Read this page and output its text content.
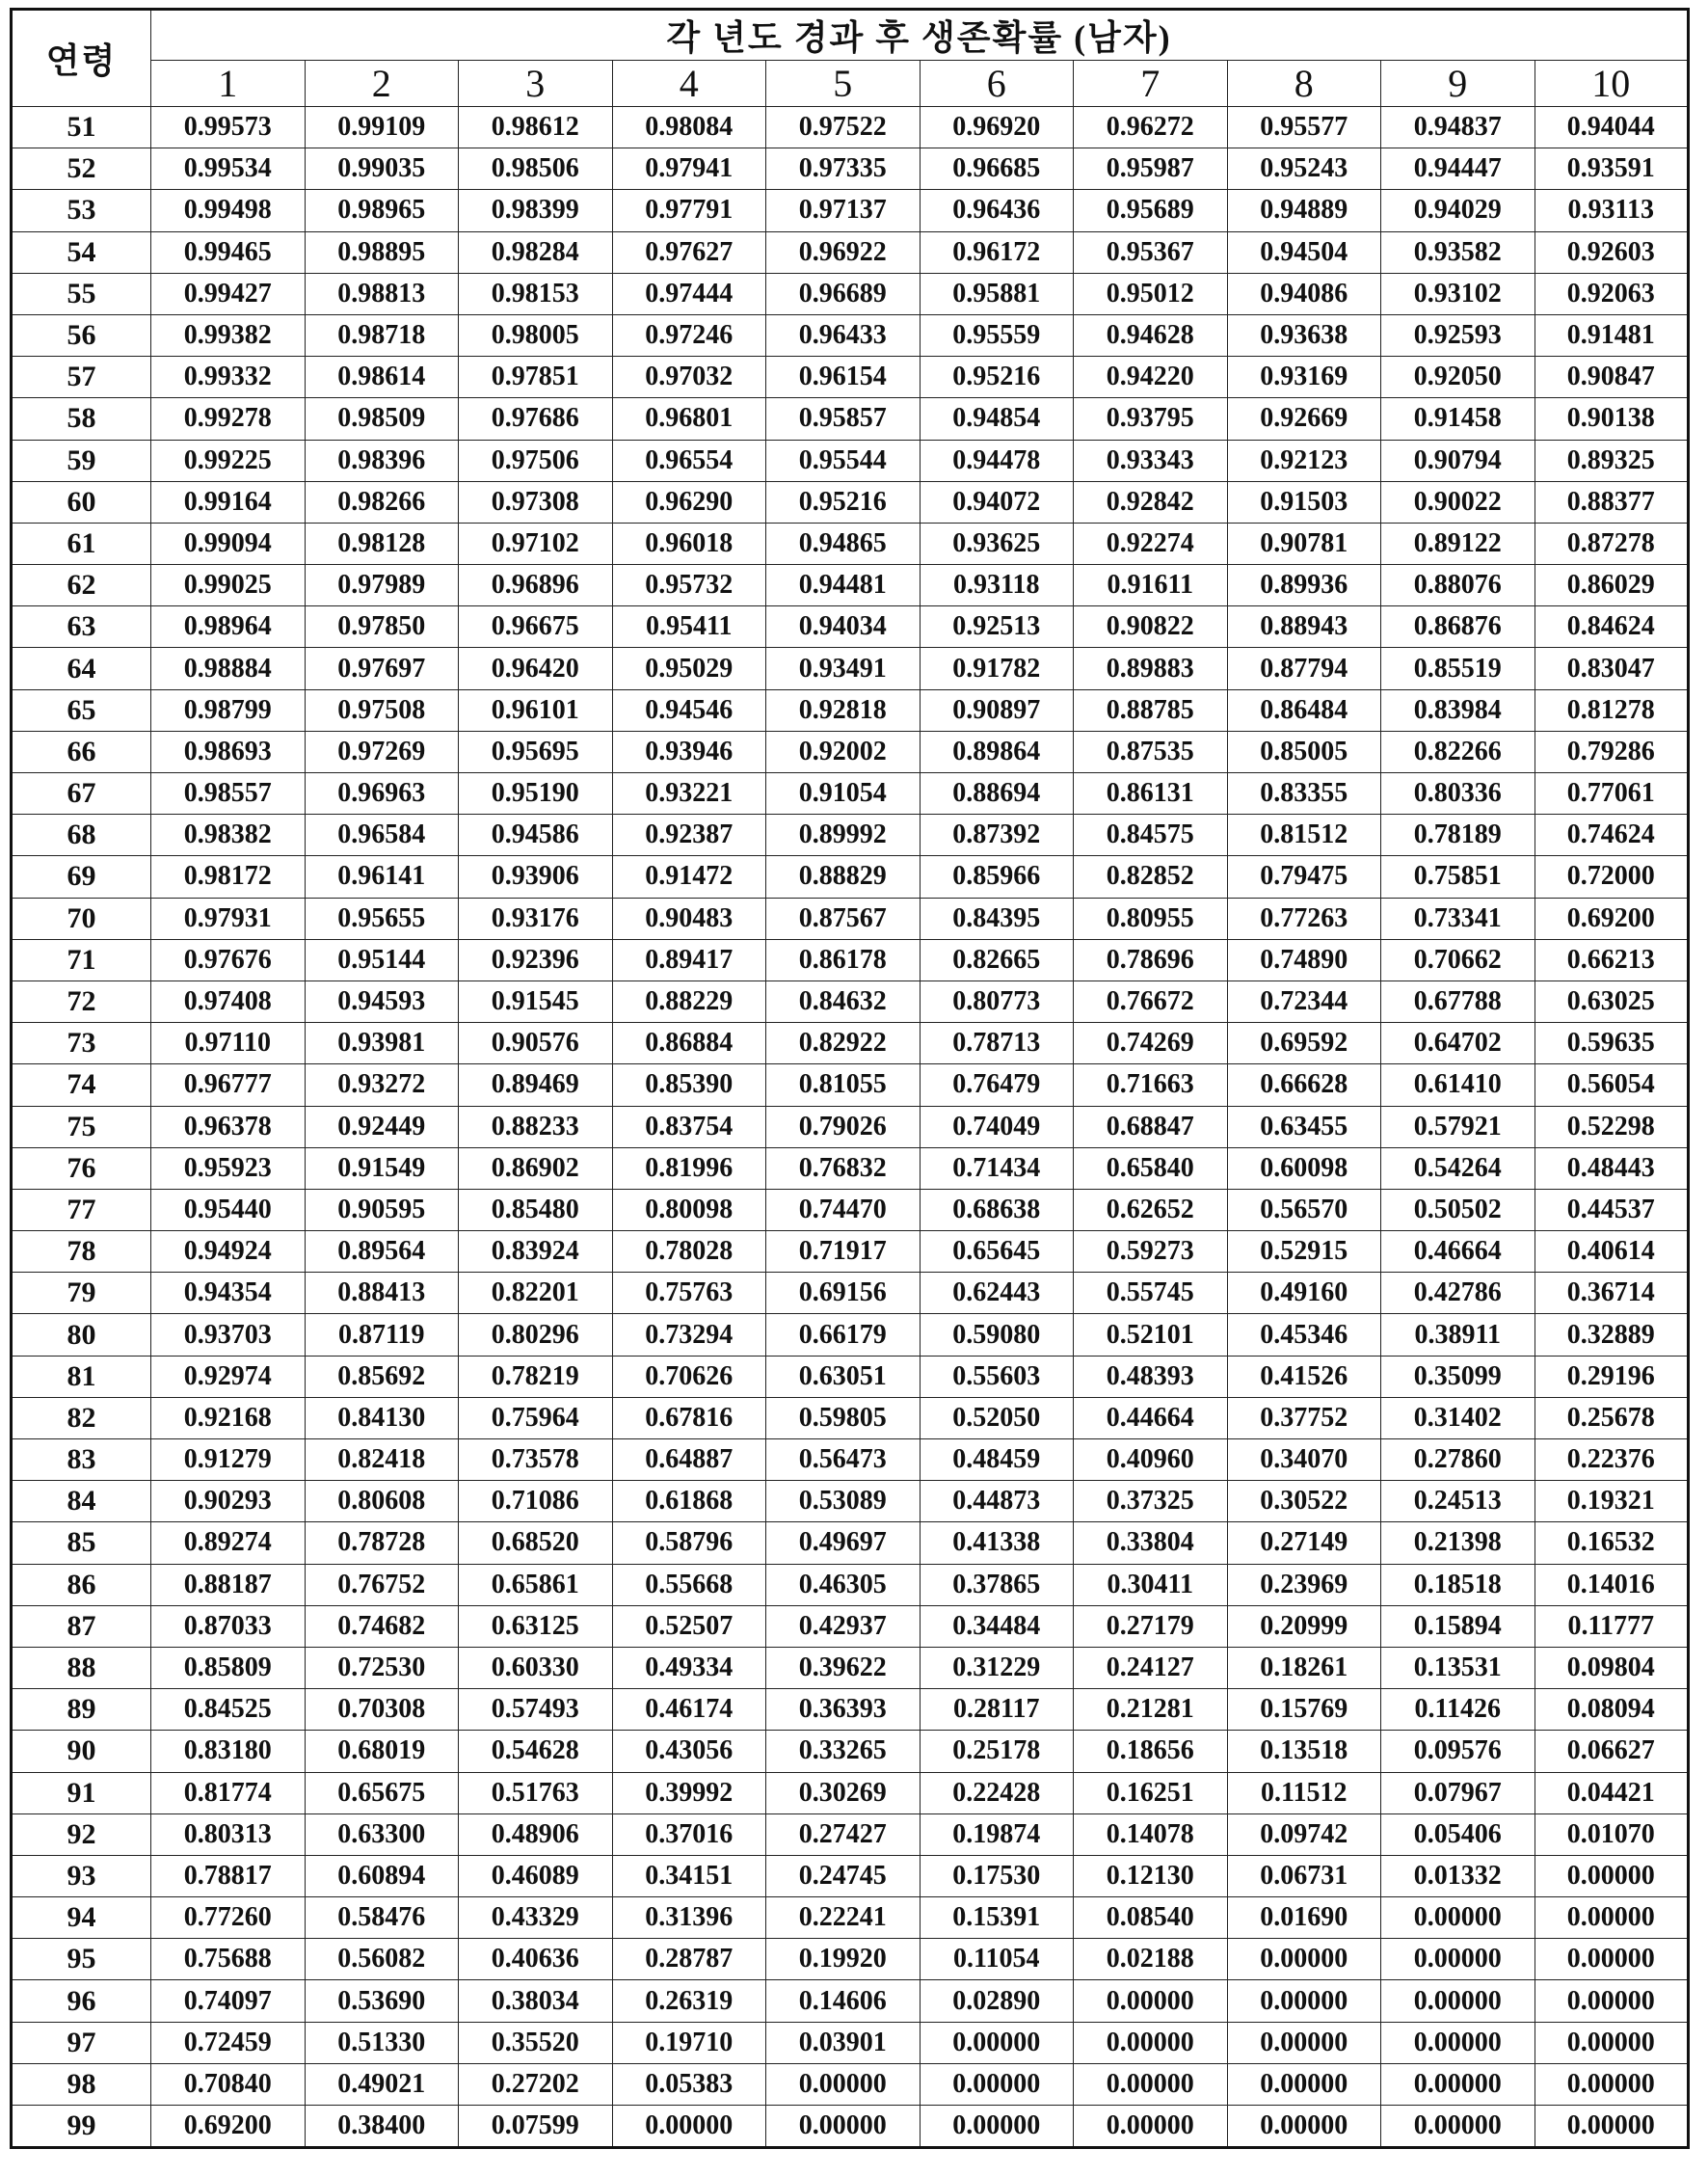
연령	각 년도 경과 후 생존확률 (남자)									
	1	2	3	4	5	6	7	8	9	10
51	0.99573	0.99109	0.98612	0.98084	0.97522	0.96920	0.96272	0.95577	0.94837	0.94044
52	0.99534	0.99035	0.98506	0.97941	0.97335	0.96685	0.95987	0.95243	0.94447	0.93591
53	0.99498	0.98965	0.98399	0.97791	0.97137	0.96436	0.95689	0.94889	0.94029	0.93113
54	0.99465	0.98895	0.98284	0.97627	0.96922	0.96172	0.95367	0.94504	0.93582	0.92603
55	0.99427	0.98813	0.98153	0.97444	0.96689	0.95881	0.95012	0.94086	0.93102	0.92063
56	0.99382	0.98718	0.98005	0.97246	0.96433	0.95559	0.94628	0.93638	0.92593	0.91481
57	0.99332	0.98614	0.97851	0.97032	0.96154	0.95216	0.94220	0.93169	0.92050	0.90847
58	0.99278	0.98509	0.97686	0.96801	0.95857	0.94854	0.93795	0.92669	0.91458	0.90138
59	0.99225	0.98396	0.97506	0.96554	0.95544	0.94478	0.93343	0.92123	0.90794	0.89325
60	0.99164	0.98266	0.97308	0.96290	0.95216	0.94072	0.92842	0.91503	0.90022	0.88377
61	0.99094	0.98128	0.97102	0.96018	0.94865	0.93625	0.92274	0.90781	0.89122	0.87278
62	0.99025	0.97989	0.96896	0.95732	0.94481	0.93118	0.91611	0.89936	0.88076	0.86029
63	0.98964	0.97850	0.96675	0.95411	0.94034	0.92513	0.90822	0.88943	0.86876	0.84624
64	0.98884	0.97697	0.96420	0.95029	0.93491	0.91782	0.89883	0.87794	0.85519	0.83047
65	0.98799	0.97508	0.96101	0.94546	0.92818	0.90897	0.88785	0.86484	0.83984	0.81278
66	0.98693	0.97269	0.95695	0.93946	0.92002	0.89864	0.87535	0.85005	0.82266	0.79286
67	0.98557	0.96963	0.95190	0.93221	0.91054	0.88694	0.86131	0.83355	0.80336	0.77061
68	0.98382	0.96584	0.94586	0.92387	0.89992	0.87392	0.84575	0.81512	0.78189	0.74624
69	0.98172	0.96141	0.93906	0.91472	0.88829	0.85966	0.82852	0.79475	0.75851	0.72000
70	0.97931	0.95655	0.93176	0.90483	0.87567	0.84395	0.80955	0.77263	0.73341	0.69200
71	0.97676	0.95144	0.92396	0.89417	0.86178	0.82665	0.78696	0.74890	0.70662	0.66213
72	0.97408	0.94593	0.91545	0.88229	0.84632	0.80773	0.76672	0.72344	0.67788	0.63025
73	0.97110	0.93981	0.90576	0.86884	0.82922	0.78713	0.74269	0.69592	0.64702	0.59635
74	0.96777	0.93272	0.89469	0.85390	0.81055	0.76479	0.71663	0.66628	0.61410	0.56054
75	0.96378	0.92449	0.88233	0.83754	0.79026	0.74049	0.68847	0.63455	0.57921	0.52298
76	0.95923	0.91549	0.86902	0.81996	0.76832	0.71434	0.65840	0.60098	0.54264	0.48443
77	0.95440	0.90595	0.85480	0.80098	0.74470	0.68638	0.62652	0.56570	0.50502	0.44537
78	0.94924	0.89564	0.83924	0.78028	0.71917	0.65645	0.59273	0.52915	0.46664	0.40614
79	0.94354	0.88413	0.82201	0.75763	0.69156	0.62443	0.55745	0.49160	0.42786	0.36714
80	0.93703	0.87119	0.80296	0.73294	0.66179	0.59080	0.52101	0.45346	0.38911	0.32889
81	0.92974	0.85692	0.78219	0.70626	0.63051	0.55603	0.48393	0.41526	0.35099	0.29196
82	0.92168	0.84130	0.75964	0.67816	0.59805	0.52050	0.44664	0.37752	0.31402	0.25678
83	0.91279	0.82418	0.73578	0.64887	0.56473	0.48459	0.40960	0.34070	0.27860	0.22376
84	0.90293	0.80608	0.71086	0.61868	0.53089	0.44873	0.37325	0.30522	0.24513	0.19321
85	0.89274	0.78728	0.68520	0.58796	0.49697	0.41338	0.33804	0.27149	0.21398	0.16532
86	0.88187	0.76752	0.65861	0.55668	0.46305	0.37865	0.30411	0.23969	0.18518	0.14016
87	0.87033	0.74682	0.63125	0.52507	0.42937	0.34484	0.27179	0.20999	0.15894	0.11777
88	0.85809	0.72530	0.60330	0.49334	0.39622	0.31229	0.24127	0.18261	0.13531	0.09804
89	0.84525	0.70308	0.57493	0.46174	0.36393	0.28117	0.21281	0.15769	0.11426	0.08094
90	0.83180	0.68019	0.54628	0.43056	0.33265	0.25178	0.18656	0.13518	0.09576	0.06627
91	0.81774	0.65675	0.51763	0.39992	0.30269	0.22428	0.16251	0.11512	0.07967	0.04421
92	0.80313	0.63300	0.48906	0.37016	0.27427	0.19874	0.14078	0.09742	0.05406	0.01070
93	0.78817	0.60894	0.46089	0.34151	0.24745	0.17530	0.12130	0.06731	0.01332	0.00000
94	0.77260	0.58476	0.43329	0.31396	0.22241	0.15391	0.08540	0.01690	0.00000	0.00000
95	0.75688	0.56082	0.40636	0.28787	0.19920	0.11054	0.02188	0.00000	0.00000	0.00000
96	0.74097	0.53690	0.38034	0.26319	0.14606	0.02890	0.00000	0.00000	0.00000	0.00000
97	0.72459	0.51330	0.35520	0.19710	0.03901	0.00000	0.00000	0.00000	0.00000	0.00000
98	0.70840	0.49021	0.27202	0.05383	0.00000	0.00000	0.00000	0.00000	0.00000	0.00000
99	0.69200	0.38400	0.07599	0.00000	0.00000	0.00000	0.00000	0.00000	0.00000	0.00000
